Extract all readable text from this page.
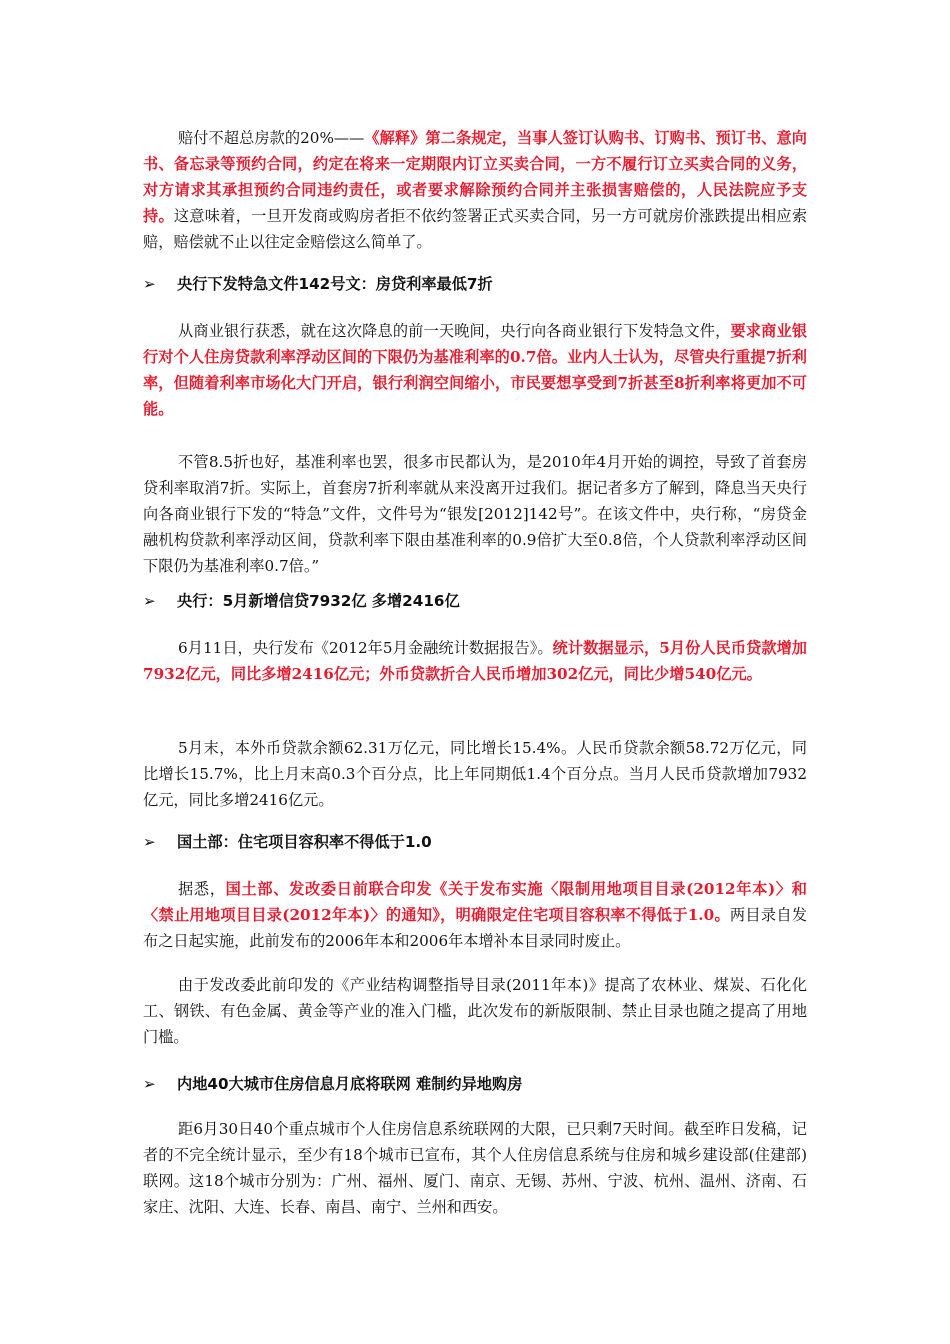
赔付不超总房款的20%——《解释》第二条规定，当事人签订认购书、订购书、预订书、意向书、备忘录等预约合同，约定在将来一定期限内订立买卖合同，一方不履行订立买卖合同的义务，对方请求其承担预约合同违约责任，或者要求解除预约合同并主张损害赔偿的，人民法院应予支持。这意味着，一旦开发商或购房者拒不依约签署正式买卖合同，另一方可就房价涨跌提出相应索赔，赔偿就不止以往定金赔偿这么简单了。

➢ 央行下发特急文件142号文：房贷利率最低7折

从商业银行获悉，就在这次降息的前一天晚间，央行向各商业银行下发特急文件，要求商业银行对个人住房贷款利率浮动区间的下限仍为基准利率的0.7倍。业内人士认为，尽管央行重提7折利率，但随着利率市场化大门开启，银行利润空间缩小，市民要想享受到7折甚至8折利率将更加不可能。

不管8.5折也好，基准利率也罢，很多市民都认为，是2010年4月开始的调控，导致了首套房贷利率取消7折。实际上，首套房7折利率就从来没离开过我们。据记者多方了解到，降息当天央行向各商业银行下发的“特急”文件，文件号为“银发[2012]142号”。在该文件中，央行称，“房贷金融机构贷款利率浮动区间，贷款利率下限由基准利率的0.9倍扩大至0.8倍，个人贷款利率浮动区间下限仍为基准利率0.7倍。”

➢ 央行：5月新增信贷7932亿 多增2416亿

6月11日，央行发布《2012年5月金融统计数据报告》。统计数据显示，5月份人民币贷款增加7932亿元，同比多增2416亿元；外币贷款折合人民币增加302亿元，同比少增540亿元。

5月末，本外币贷款余额62.31万亿元，同比增长15.4%。人民币贷款余额58.72万亿元，同比增长15.7%，比上月末高0.3个百分点，比上年同期低1.4个百分点。当月人民币贷款增加7932亿元，同比多增2416亿元。

➢ 国土部：住宅项目容积率不得低于1.0

据悉，国土部、发改委日前联合印发《关于发布实施〈限制用地项目目录(2012年本)〉和〈禁止用地项目目录(2012年本)〉的通知》，明确限定住宅项目容积率不得低于1.0。两目录自发布之日起实施，此前发布的2006年本和2006年本增补本目录同时废止。

由于发改委此前印发的《产业结构调整指导目录(2011年本)》提高了农林业、煤炭、石化化工、钢铁、有色金属、黄金等产业的准入门槛，此次发布的新版限制、禁止目录也随之提高了用地门槛。

➢ 内地40大城市住房信息月底将联网 难制约异地购房

距6月30日40个重点城市个人住房信息系统联网的大限，已只剩7天时间。截至昨日发稿，记者的不完全统计显示，至少有18个城市已宣布，其个人住房信息系统与住房和城乡建设部(住建部)联网。这18个城市分别为：广州、福州、厦门、南京、无锡、苏州、宁波、杭州、温州、济南、石家庄、沈阳、大连、长春、南昌、南宁、兰州和西安。
